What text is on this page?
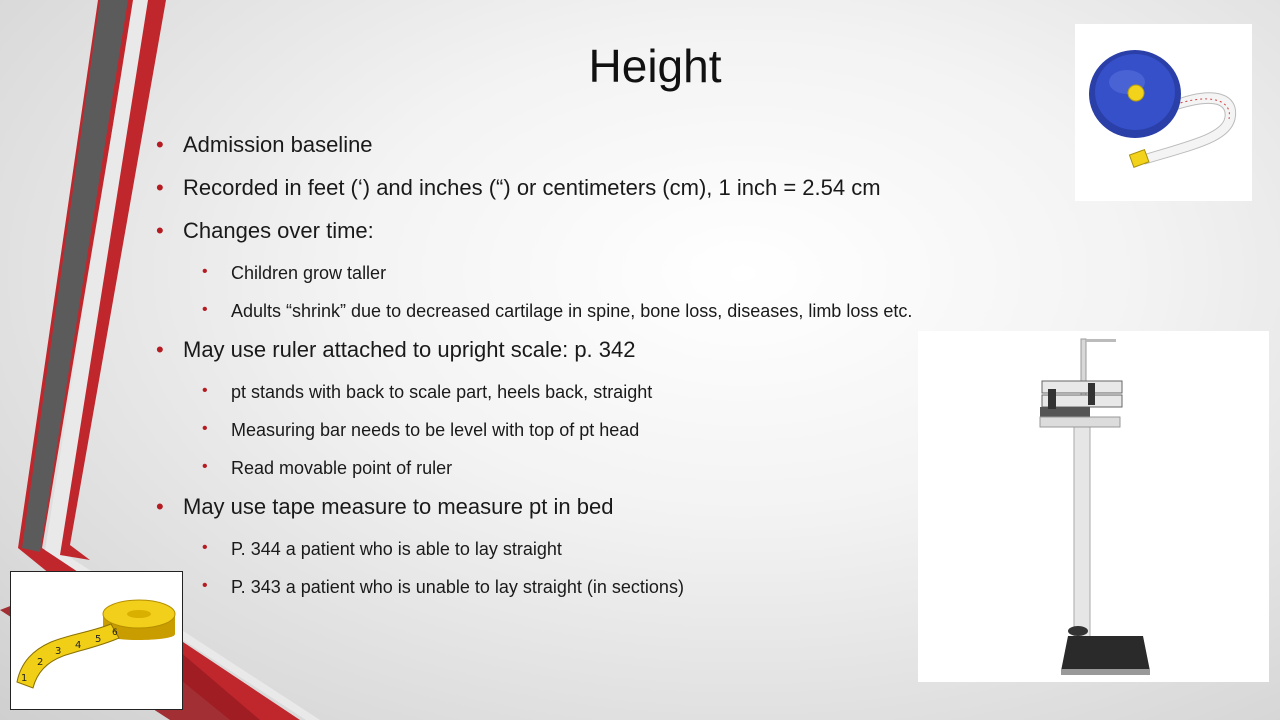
Height
• Admission baseline
• Recorded in feet (‘) and inches (“) or centimeters (cm), 1 inch = 2.54 cm
• Changes over time:
• Children grow taller
• Adults “shrink” due to decreased cartilage in spine, bone loss, diseases, limb loss etc.
• May use ruler attached to upright scale: p. 342
• pt stands with back to scale part, heels back, straight
• Measuring bar needs to be level with top of pt head
• Read movable point of ruler
• May use tape measure to measure pt in bed
• P. 344 a patient who is able to lay straight
• P. 343 a patient who is unable to lay straight (in sections)
1
2
3
4
5
6
